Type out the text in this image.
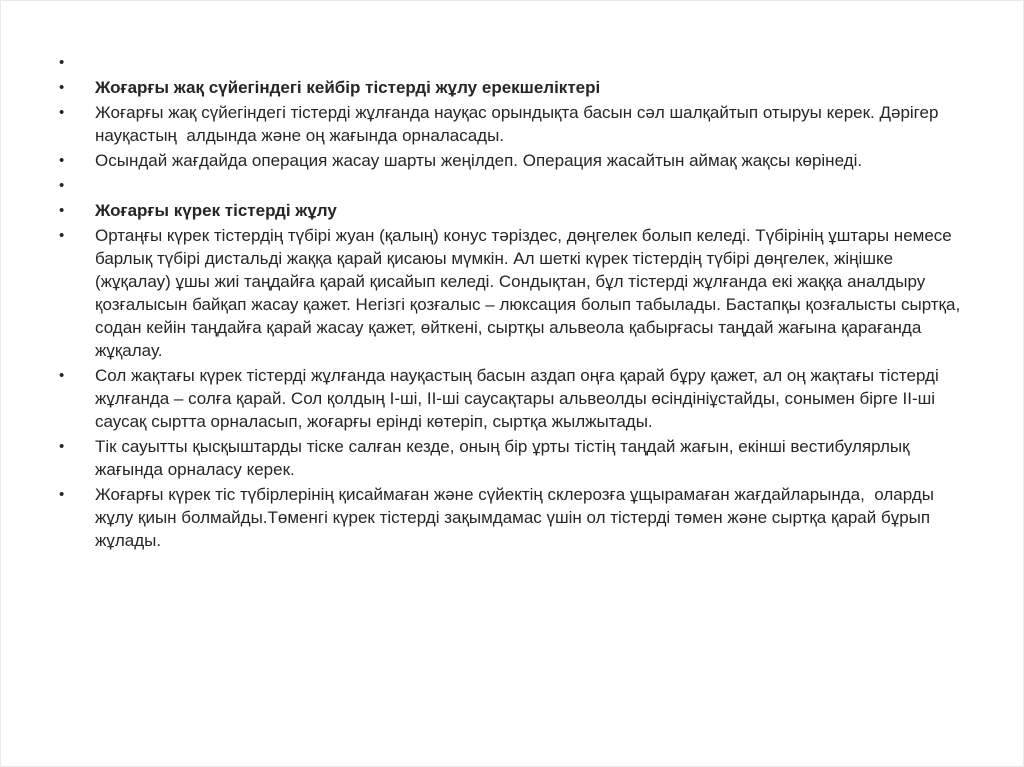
•
•	Жоғарғы жақ сүйегіндегі кейбір тістерді жұлу ерекшеліктері
•	Жоғарғы жақ сүйегіндегі тістерді жұлғанда науқас орындықта басын сәл шалқайтып отыруы керек. Дәрігер науқастың  алдында және оң жағында орналасады.
•	Осындай жағдайда операция жасау шарты жеңілдеп. Операция жасайтын аймақ жақсы көрінеді.
•
•	Жоғарғы күрек тістерді жұлу
•	Ортаңғы күрек тістердің түбірі жуан (қалың) конус тәріздес, дөңгелек болып келеді. Түбірінің ұштары немесе барлық түбірі дистальді жаққа қарай қисаюы мүмкін. Ал шеткі күрек тістердің түбірі дөңгелек, жіңішке (жұқалау) ұшы жиі таңдайға қарай қисайып келеді. Сондықтан, бұл тістерді жұлғанда екі жаққа аналдыру қозғалысын байқап жасау қажет. Негізгі қозғалыс – люксация болып табылады. Бастапқы қозғалысты сыртқа, содан кейін таңдайға қарай жасау қажет, өйткені, сыртқы альвеола қабырғасы таңдай жағына қарағанда жұқалау.
•	Сол жақтағы күрек тістерді жұлғанда науқастың басын аздап оңға қарай бұру қажет, ал оң жақтағы тістерді жұлғанда – солға қарай. Сол қолдың I-ші, II-ші саусақтары альвеолды өсіндініұстайды, сонымен бірге II-ші саусақ сыртта орналасып, жоғарғы ерінді көтеріп, сыртқа жылжытады.
•	Тік сауытты қысқыштарды тіске салған кезде, оның бір ұрты тістің таңдай жағын, екінші вестибулярлық жағында орналасу керек.
•	Жоғарғы күрек тіс түбірлерінің қисаймаған және сүйектің склерозға ұщырамаған жағдайларында,  оларды жұлу қиын болмайды.Төменгі күрек тістерді зақымдамас үшін ол тістерді төмен және сыртқа қарай бұрып жұлады.
